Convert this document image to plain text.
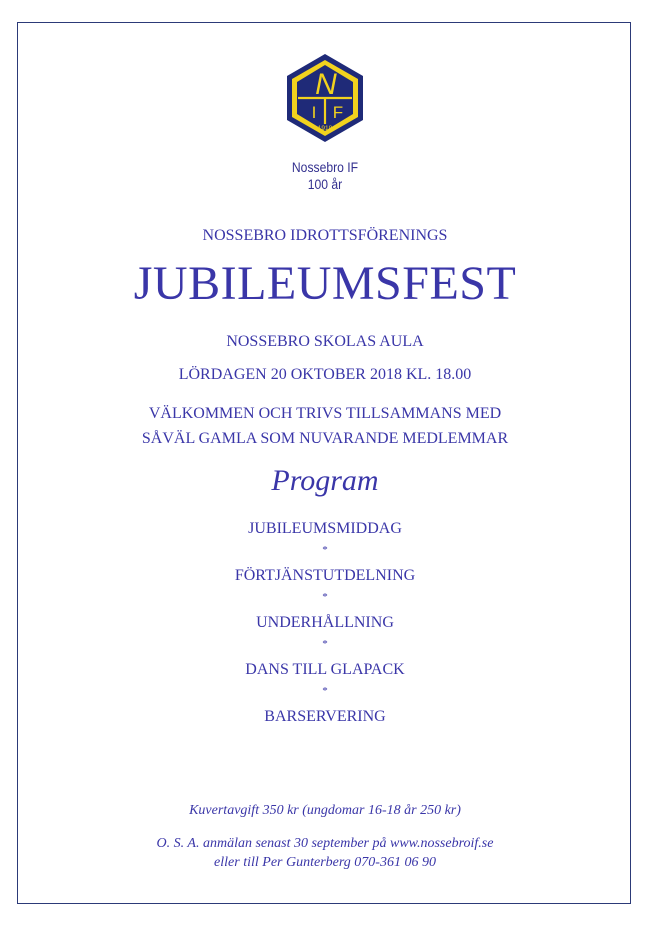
N
I F
1918
Nossebro IF
100 år
NOSSEBRO IDROTTSFÖRENINGS
JUBILEUMSFEST
NOSSEBRO SKOLAS AULA
LÖRDAGEN 20 OKTOBER 2018 KL. 18.00
VÄLKOMMEN OCH TRIVS TILLSAMMANS MED
SÅVÄL GAMLA SOM NUVARANDE MEDLEMMAR
Program
JUBILEUMSMIDDAG
*
FÖRTJÄNSTUTDELNING
*
UNDERHÅLLNING
*
DANS TILL GLAPACK
*
BARSERVERING
Kuvertavgift 350 kr (ungdomar 16-18 år 250 kr)
O. S. A. anmälan senast 30 september på www.nossebroif.se
eller till Per Gunterberg 070-361 06 90
